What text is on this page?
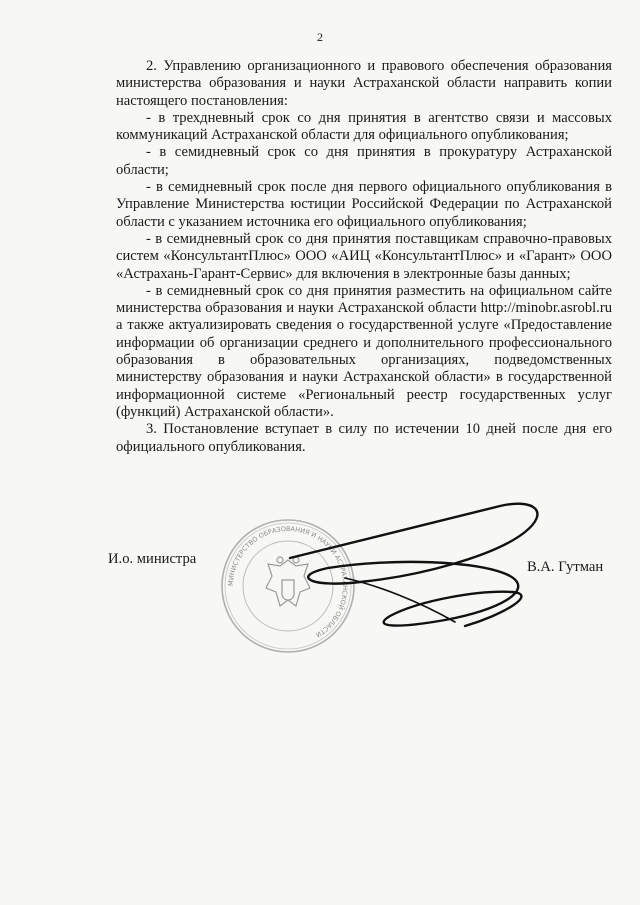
2

2. Управлению организационного и правового обеспечения образования министерства образования и науки Астраханской области направить копии настоящего постановления:

- в трехдневный срок со дня принятия в агентство связи и массовых коммуникаций Астраханской области для официального опубликования;

- в семидневный срок со дня принятия в прокуратуру Астраханской области;

- в семидневный срок после дня первого официального опубликования в Управление Министерства юстиции Российской Федерации по Астраханской области с указанием источника его официального опубликования;

- в семидневный срок со дня принятия поставщикам справочно-правовых систем «КонсультантПлюс» ООО «АИЦ «КонсультантПлюс» и «Гарант» ООО «Астрахань-Гарант-Сервис» для включения в электронные базы данных;

- в семидневный срок со дня принятия разместить на официальном сайте министерства образования и науки Астраханской области http://minobr.asrobl.ru а также актуализировать сведения о государственной услуге «Предоставление информации об организации среднего и дополнительного профессионального образования в образовательных организациях, подведомственных министерству образования и науки Астраханской области» в государственной информационной системе «Региональный реестр государственных услуг (функций) Астраханской области».

3. Постановление вступает в силу по истечении 10 дней после дня его официального опубликования.

МИНИСТЕРСТВО ОБРАЗОВАНИЯ И НАУКИ АСТРАХАНСКОЙ ОБЛАСТИ
И.о. министра	В.А. Гутман
